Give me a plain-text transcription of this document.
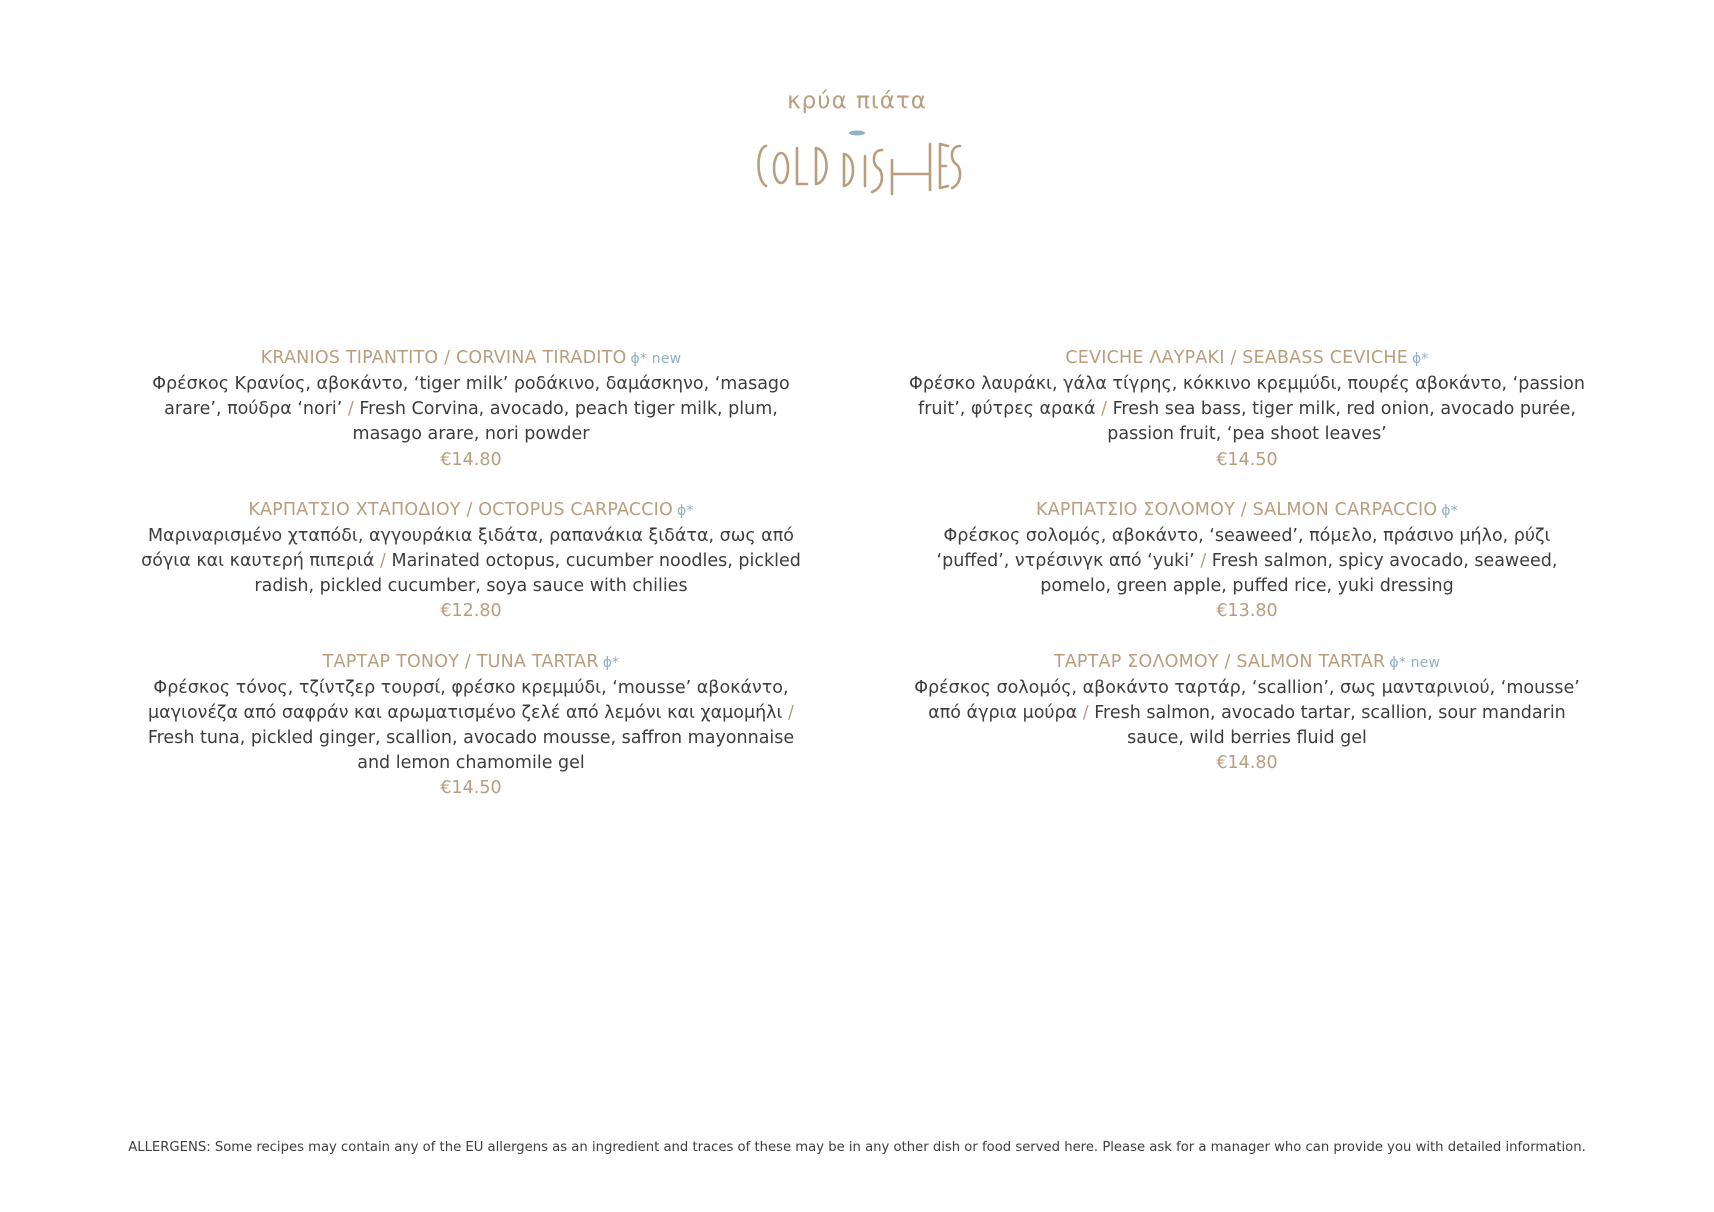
κρύα πιάτα
KRANIOS TIPANTITO / CORVINA TIRADITO ϕ* new
Φρέσκος Κρανίος, αβοκάντο, ‘tiger milk’ ροδάκινο, δαμάσκηνο, ‘masago arare’, πούδρα ‘nori’ / Fresh Corvina, avocado, peach tiger milk, plum, masago arare, nori powder
€14.80
ΚΑΡΠΑΤΣΙΟ ΧΤΑΠΟΔΙΟΥ / OCTOPUS CARPACCIO ϕ*
Μαριναρισμένο χταπόδι, αγγουράκια ξιδάτα, ραπανάκια ξιδάτα, σως από σόγια και καυτερή πιπεριά / Marinated octopus, cucumber noodles, pickled radish, pickled cucumber, soya sauce with chilies
€12.80
ΤΑΡΤΑΡ ΤΟΝΟΥ / TUNA TARTAR ϕ*
Φρέσκος τόνος, τζίντζερ τουρσί, φρέσκο κρεμμύδι, ‘mousse’ αβοκάντο, μαγιονέζα από σαφράν και αρωματισμένο ζελέ από λεμόνι και χαμομήλι / Fresh tuna, pickled ginger, scallion, avocado mousse, saffron mayonnaise and lemon chamomile gel
€14.50
CEVICHE ΛΑΥΡΑΚΙ / SEABASS CEVICHE ϕ*
Φρέσκο λαυράκι, γάλα τίγρης, κόκκινο κρεμμύδι, πουρές αβοκάντο, ‘passion fruit’, φύτρες αρακά / Fresh sea bass, tiger milk, red onion, avocado purée, passion fruit, ‘pea shoot leaves’
€14.50
ΚΑΡΠΑΤΣΙΟ ΣΟΛΟΜΟΥ / SALMON CARPACCIO ϕ*
Φρέσκος σολομός, αβοκάντο, ‘seaweed’, πόμελο, πράσινο μήλο, ρύζι ‘puffed’, ντρέσινγκ από ‘yuki’ / Fresh salmon, spicy avocado, seaweed, pomelo, green apple, puffed rice, yuki dressing
€13.80
ΤΑΡΤΑΡ ΣΟΛΟΜΟΥ / SALMON TARTAR ϕ* new
Φρέσκος σολομός, αβοκάντο ταρτάρ, ‘scallion’, σως μανταρινιού, ‘mousse’ από άγρια μούρα / Fresh salmon, avocado tartar, scallion, sour mandarin sauce, wild berries fluid gel
€14.80
ALLERGENS: Some recipes may contain any of the EU allergens as an ingredient and traces of these may be in any other dish or food served here. Please ask for a manager who can provide you with detailed information.
